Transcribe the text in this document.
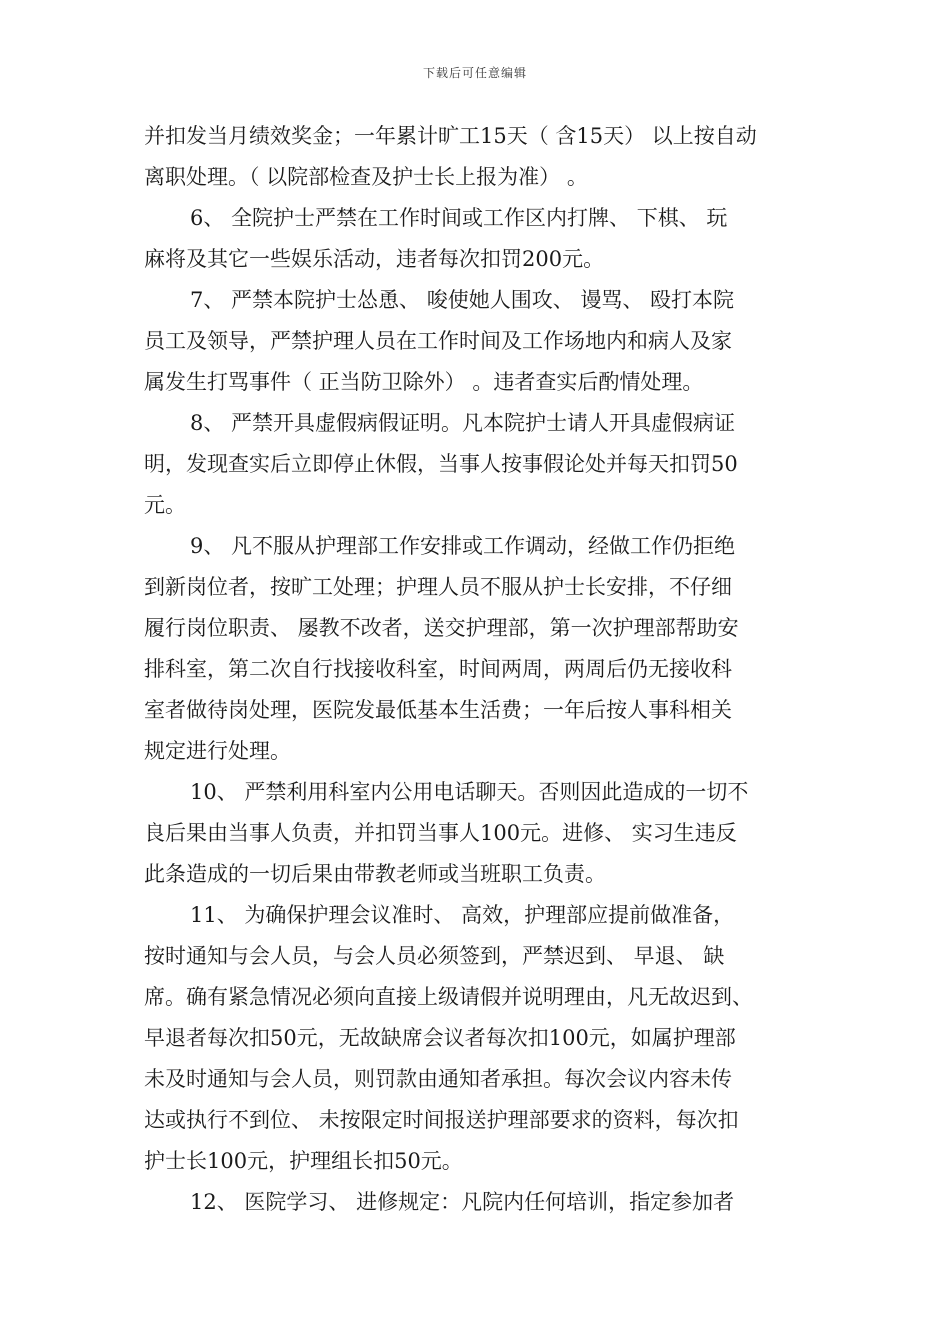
下载后可任意编辑
并扣发当月绩效奖金；一年累计旷工15天（ 含15天） 以上按自动
离职处理。（ 以院部检查及护士长上报为准） 。
6、 全院护士严禁在工作时间或工作区内打牌、 下棋、 玩
麻将及其它一些娱乐活动，违者每次扣罚200元。
7、 严禁本院护士怂恿、 唆使她人围攻、 谩骂、 殴打本院
员工及领导，严禁护理人员在工作时间及工作场地内和病人及家
属发生打骂事件（ 正当防卫除外） 。违者查实后酌情处理。
8、 严禁开具虚假病假证明。凡本院护士请人开具虚假病证
明，发现查实后立即停止休假，当事人按事假论处并每天扣罚50
元。
9、 凡不服从护理部工作安排或工作调动，经做工作仍拒绝
到新岗位者，按旷工处理；护理人员不服从护士长安排，不仔细
履行岗位职责、 屡教不改者，送交护理部，第一次护理部帮助安
排科室，第二次自行找接收科室，时间两周，两周后仍无接收科
室者做待岗处理，医院发最低基本生活费；一年后按人事科相关
规定进行处理。
10、 严禁利用科室内公用电话聊天。否则因此造成的一切不
良后果由当事人负责，并扣罚当事人100元。进修、 实习生违反
此条造成的一切后果由带教老师或当班职工负责。
11、 为确保护理会议准时、 高效，护理部应提前做准备，
按时通知与会人员，与会人员必须签到，严禁迟到、 早退、 缺
席。确有紧急情况必须向直接上级请假并说明理由，凡无故迟到、
早退者每次扣50元，无故缺席会议者每次扣100元，如属护理部
未及时通知与会人员，则罚款由通知者承担。每次会议内容未传
达或执行不到位、 未按限定时间报送护理部要求的资料，每次扣
护士长100元，护理组长扣50元。
12、 医院学习、 进修规定：凡院内任何培训，指定参加者
